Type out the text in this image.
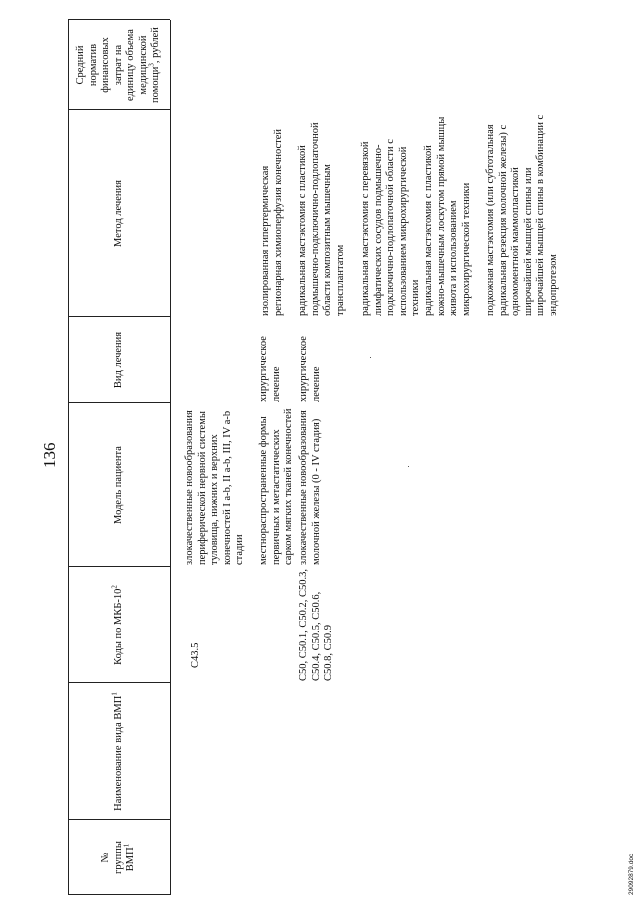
136
№
группы
ВМП$^1$
Наименование вида ВМП$^1$
Коды по МКБ-$10^2$
Модель пациента
Вид лечения
Метод лечения
Средний
норматив
финансовых
затрат на
единицу объема
медицинской
помощи$^3$, рублей
C43.5
злокачественные новообразования периферической нервной системы туловища, нижних и верхних конечностей I a-b, II a-b, III, IV a-b стадии
хирургическое лечение
изолированная гипертермическая регионарная химиоперфузия конечностей
местнораспространенные формы первичных и метастатических сарком мягких тканей конечностей
C50, C50.1, C50.2, C50.3, C50.4, C50.5, C50.6, C50.8, C50.9
злокачественные новообразования молочной железы (0 - IV стадия)
хирургическое лечение
радикальная мастэктомия с пластикой подмышечно-подключично-подлопаточной области композитным мышечным трансплантатом радикальная мастэктомия с перевязкой лимфатических сосудов подмышечно-подключично-подлопаточной области с использованием микрохирургической техники радикальная мастэктомия с пластикой кожно-мышечным лоскутом прямой мышцы живота и использованием микрохирургической техники подкожная мастэктомия (или субтотальная радикальная резекция молочной железы) с одномоментной маммопластикой широчайшей мышцей спины или широчайшей мышцей спины в комбинации с эндопротезом
29092879.doc
